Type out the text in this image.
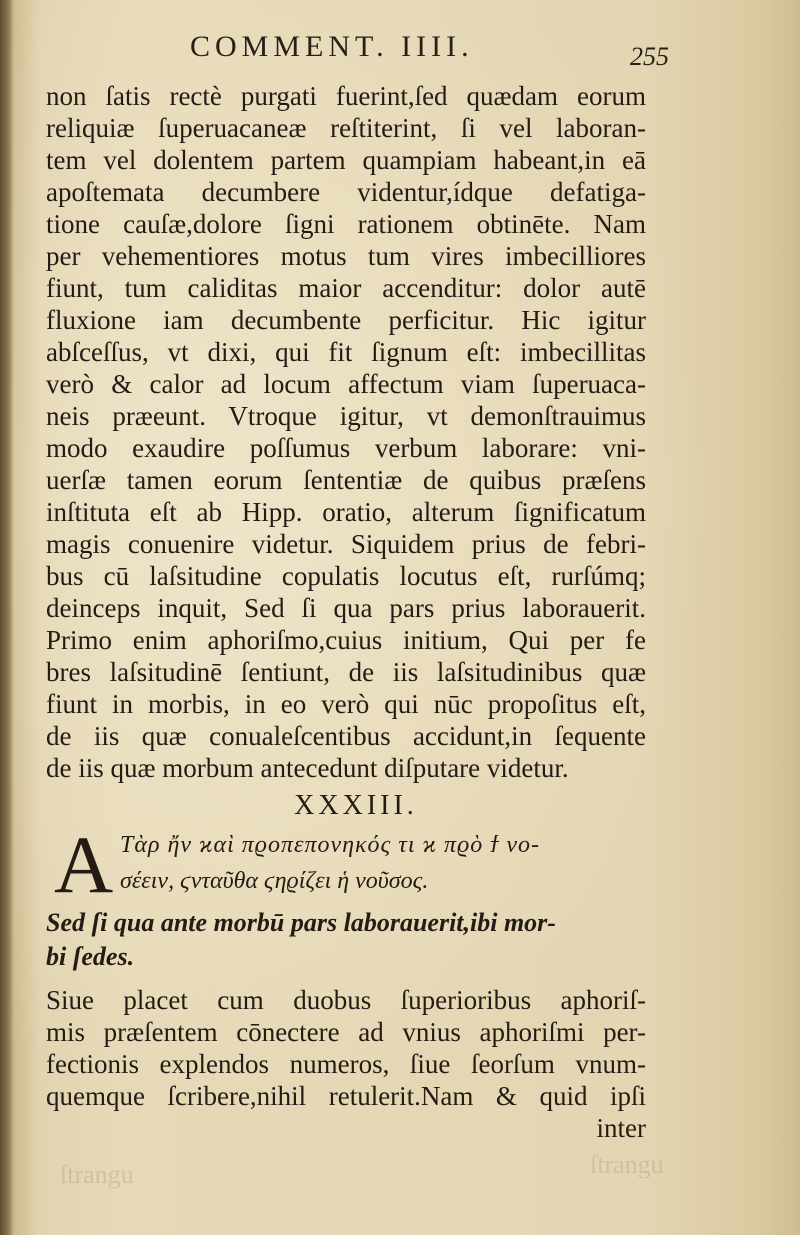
ſtrangu
ſtrangu
COMMENT. IIII.	255
non ſatis rectè purgati fuerint,ſed quædam eorum
reliquiæ ſuperuacaneæ reſtiterint, ſi vel laboran-
tem vel dolentem partem quampiam habeant,in eā
apoſtemata decumbere videntur,ídque defatiga-
tione cauſæ,dolore ſigni rationem obtinēte. Nam
per vehementiores motus tum vires imbecilliores
fiunt, tum caliditas maior accenditur: dolor autē
fluxione iam decumbente perficitur. Hic igitur
abſceſſus, vt dixi, qui fit ſignum eſt: imbecillitas
verò & calor ad locum affectum viam ſuperuaca-
neis præeunt. Vtroque igitur, vt demonſtrauimus
modo exaudire poſſumus verbum laborare: vni-
uerſæ tamen eorum ſententiæ de quibus præſens
inſtituta eſt ab Hipp. oratio, alterum ſignificatum
magis conuenire videtur. Siquidem prius de febri-
bus cū laſsitudine copulatis locutus eſt, rurſúmq;
deinceps inquit, Sed ſi qua pars prius laborauerit.
Primo enim aphoriſmo,cuius initium, Qui per fe
bres laſsitudinē ſentiunt, de iis laſsitudinibus quæ
fiunt in morbis, in eo verò qui nūc propoſitus eſt,
de iis quæ conualeſcentibus accidunt,in ſequente
de iis quæ morbum antecedunt diſputare videtur.
XXXIII.
A Τὰρ ἤν ϰαὶ πϱοπεπονηκός τι ϰ πϱὸ ϯ νο-
σέειν, ϛνταῦθα ϛηϱίζει ἡ νοῦσος.
Sed ſi qua ante morbū pars laborauerit,ibi mor-
bi ſedes.
Siue placet cum duobus ſuperioribus aphoriſ-
mis præſentem cōnectere ad vnius aphoriſmi per-
fectionis explendos numeros, ſiue ſeorſum vnum-
quemque ſcribere,nihil retulerit.Nam & quid ipſi
inter
